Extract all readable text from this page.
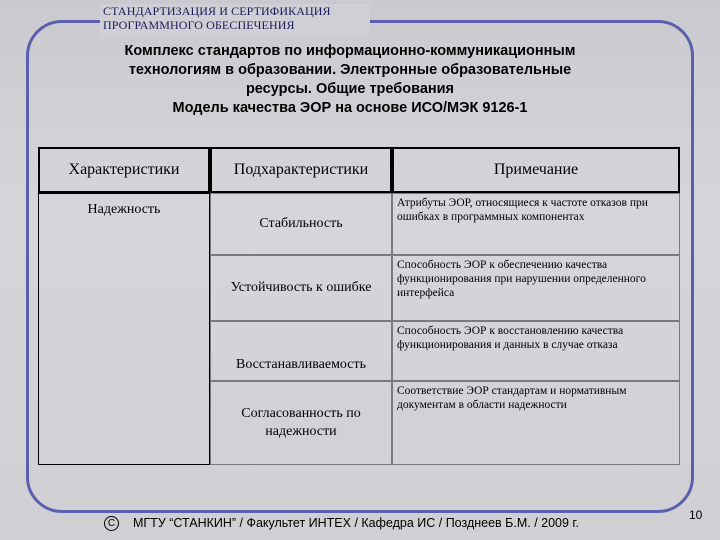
СТАНДАРТИЗАЦИЯ И СЕРТИФИКАЦИЯ
ПРОГРАММНОГО ОБЕСПЕЧЕНИЯ
Комплекс стандартов по информационно-коммуникационным
технологиям в образовании. Электронные образовательные
ресурсы. Общие требования
Модель качества ЭОР на основе ИСО/МЭК 9126-1
Характеристики	Подхарактеристики	Примечание
Надежность
Стабильность
Атрибуты ЭОР, относящиеся к частоте отказов при ошибках в программных компонентах
Устойчивость к ошибке
Способность ЭОР к обеспечению качества функционирования при нарушении определенного интерфейса
Восстанавливаемость
Способность ЭОР к восстановлению качества функционирования и данных в случае отказа
Согласованность по надежности
Соответствие ЭОР стандартам и нормативным документам в области надежности
С МГТУ “СТАНКИН” / Факультет ИНТЕХ / Кафедра ИС / Позднеев Б.М. / 2009 г.
10
